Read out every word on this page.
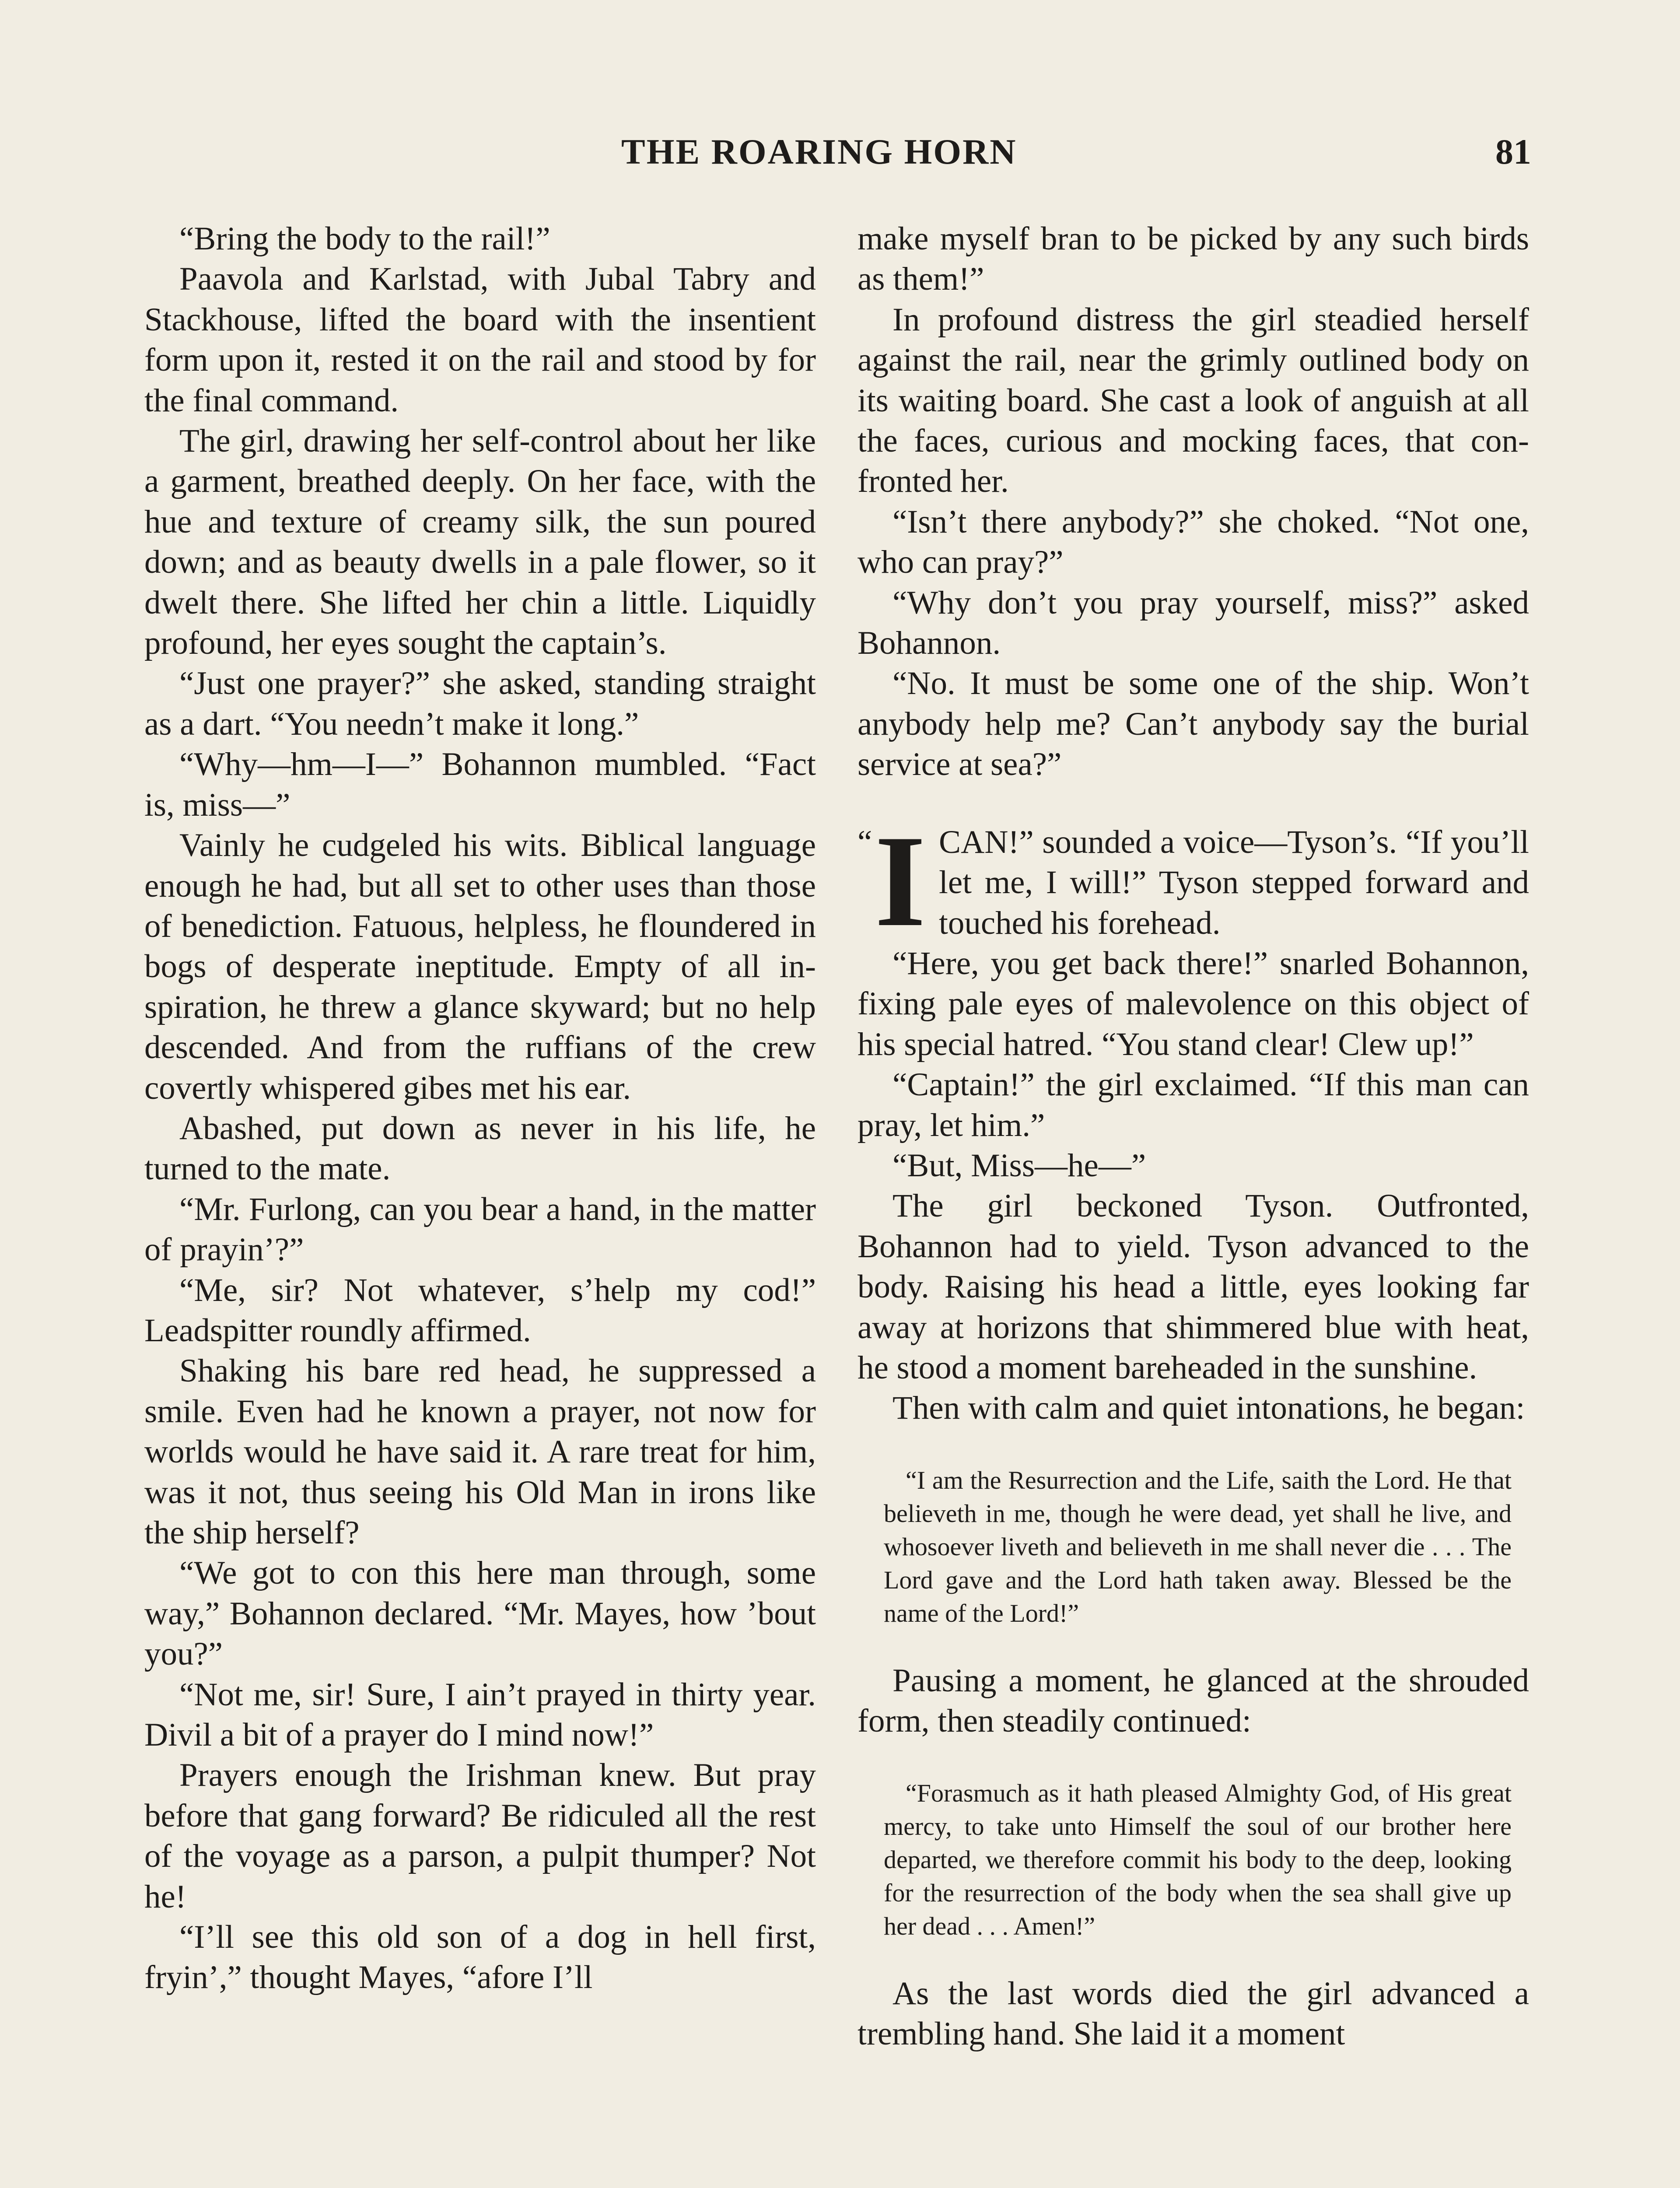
THE ROARING HORN	81

“Bring the body to the rail!”

Paavola and Karlstad, with Jubal Tabry and Stackhouse, lifted the board with the insentient form upon it, rested it on the rail and stood by for the final command.

The girl, drawing her self-control about her like a garment, breathed deeply. On her face, with the hue and texture of creamy silk, the sun poured down; and as beauty dwells in a pale flower, so it dwelt there. She lifted her chin a little. Liquidly profound, her eyes sought the captain’s.

“Just one prayer?” she asked, standing straight as a dart. “You needn’t make it long.”

“Why—hm—I—” Bohannon mumbled. “Fact is, miss—”

Vainly he cudgeled his wits. Biblical language enough he had, but all set to other uses than those of benediction. Fatuous, helpless, he floundered in bogs of desperate ineptitude. Empty of all inspiration, he threw a glance skyward; but no help descended. And from the ruffians of the crew covertly whispered gibes met his ear.

Abashed, put down as never in his life, he turned to the mate.

“Mr. Furlong, can you bear a hand, in the matter of prayin’?”

“Me, sir? Not whatever, s’help my cod!” Leadspitter roundly affirmed.

Shaking his bare red head, he suppressed a smile. Even had he known a prayer, not now for worlds would he have said it. A rare treat for him, was it not, thus seeing his Old Man in irons like the ship herself?

“We got to con this here man through, some way,” Bohannon declared. “Mr. Mayes, how ’bout you?”

“Not me, sir! Sure, I ain’t prayed in thirty year. Divil a bit of a prayer do I mind now!”

Prayers enough the Irishman knew. But pray before that gang forward? Be ridiculed all the rest of the voyage as a parson, a pulpit thumper? Not he!

“I’ll see this old son of a dog in hell first, fryin’,” thought Mayes, “afore I’ll

make myself bran to be picked by any such birds as them!”

In profound distress the girl steadied herself against the rail, near the grimly outlined body on its waiting board. She cast a look of anguish at all the faces, curious and mocking faces, that confronted her.

“Isn’t there anybody?” she choked. “Not one, who can pray?”

“Why don’t you pray yourself, miss?” asked Bohannon.

“No. It must be some one of the ship. Won’t anybody help me? Can’t anybody say the burial service at sea?”

“ I CAN!” sounded a voice—Tyson’s. “If you’ll let me, I will!” Tyson stepped forward and touched his forehead.

“Here, you get back there!” snarled Bohannon, fixing pale eyes of malevolence on this object of his special hatred. “You stand clear! Clew up!”

“Captain!” the girl exclaimed. “If this man can pray, let him.”

“But, Miss—he—”

The girl beckoned Tyson. Outfronted, Bohannon had to yield. Tyson advanced to the body. Raising his head a little, eyes looking far away at horizons that shimmered blue with heat, he stood a moment bareheaded in the sunshine.

Then with calm and quiet intonations, he began:

“I am the Resurrection and the Life, saith the Lord. He that believeth in me, though he were dead, yet shall he live, and whosoever liveth and believeth in me shall never die . . . The Lord gave and the Lord hath taken away. Blessed be the name of the Lord!”

Pausing a moment, he glanced at the shrouded form, then steadily continued:

“Forasmuch as it hath pleased Almighty God, of His great mercy, to take unto Himself the soul of our brother here departed, we therefore commit his body to the deep, looking for the resurrection of the body when the sea shall give up her dead . . . Amen!”

As the last words died the girl advanced a trembling hand. She laid it a moment
